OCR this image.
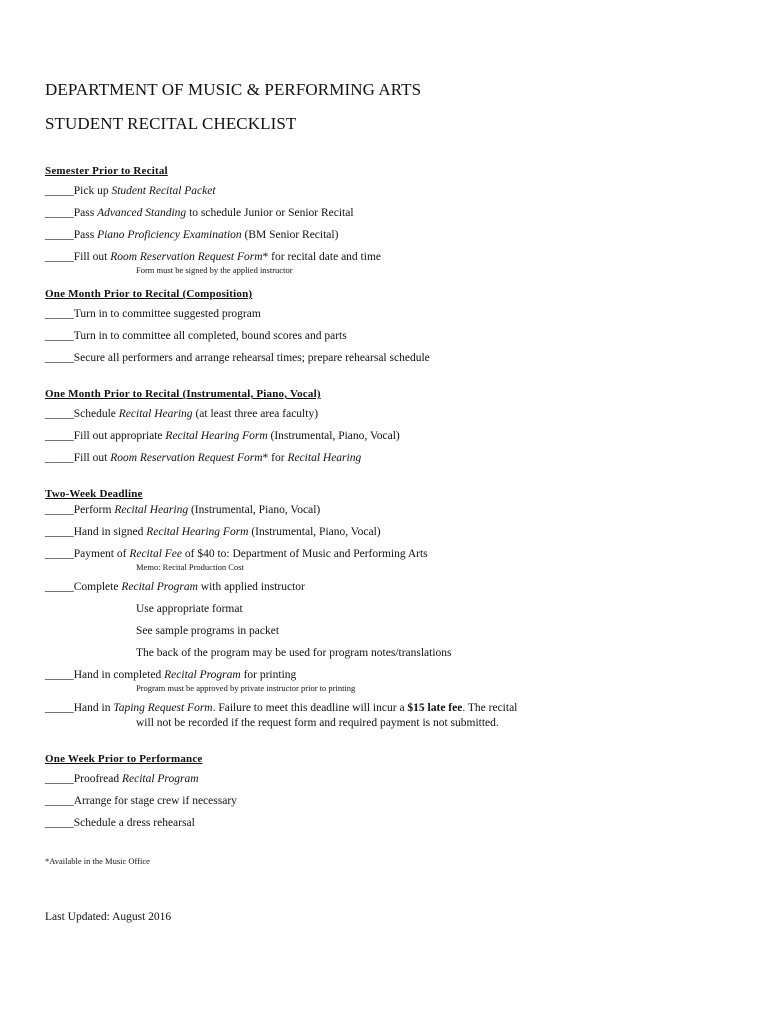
DEPARTMENT OF MUSIC & PERFORMING ARTS
STUDENT RECITAL CHECKLIST
Semester Prior to Recital
_____Pick up Student Recital Packet
_____Pass Advanced Standing to schedule Junior or Senior Recital
_____Pass Piano Proficiency Examination (BM Senior Recital)
_____Fill out Room Reservation Request Form* for recital date and time
Form must be signed by the applied instructor
One Month Prior to Recital (Composition)
_____Turn in to committee suggested program
_____Turn in to committee all completed, bound scores and parts
_____Secure all performers and arrange rehearsal times; prepare rehearsal schedule
One Month Prior to Recital (Instrumental, Piano, Vocal)
_____Schedule Recital Hearing (at least three area faculty)
_____Fill out appropriate Recital Hearing Form (Instrumental, Piano, Vocal)
_____Fill out Room Reservation Request Form* for Recital Hearing
Two-Week Deadline
_____Perform Recital Hearing (Instrumental, Piano, Vocal)
_____Hand in signed Recital Hearing Form (Instrumental, Piano, Vocal)
_____Payment of Recital Fee of $40 to: Department of Music and Performing Arts
Memo: Recital Production Cost
_____Complete Recital Program with applied instructor
Use appropriate format
See sample programs in packet
The back of the program may be used for program notes/translations
_____Hand in completed Recital Program for printing
Program must be approved by private instructor prior to printing
_____Hand in Taping Request Form. Failure to meet this deadline will incur a $15 late fee. The recital
will not be recorded if the request form and required payment is not submitted.
One Week Prior to Performance
_____Proofread Recital Program
_____Arrange for stage crew if necessary
_____Schedule a dress rehearsal
*Available in the Music Office
Last Updated: August 2016
